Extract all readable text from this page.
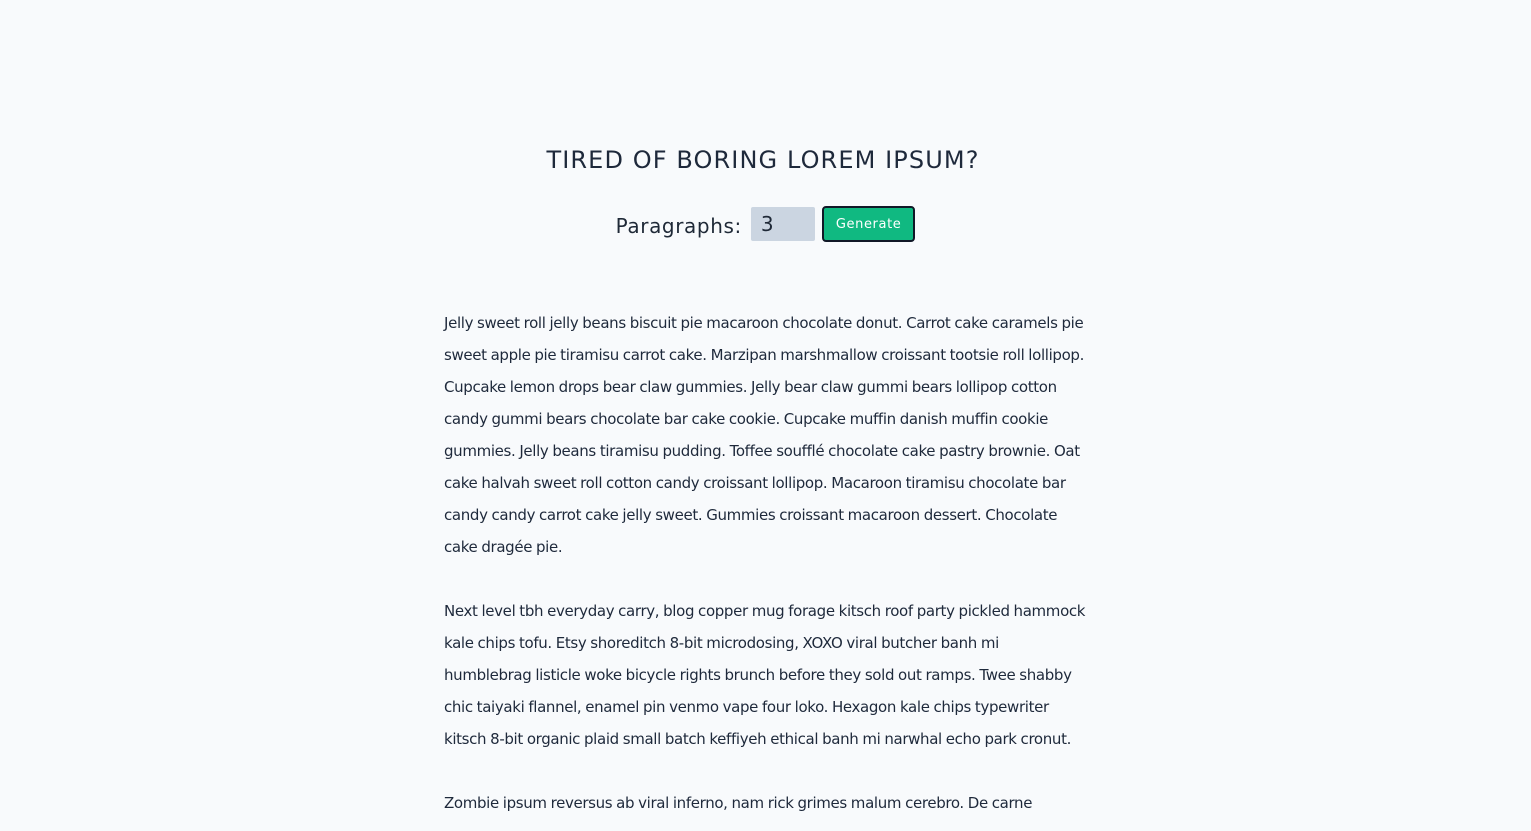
TIRED OF BORING LOREM IPSUM?
Paragraphs:
3	Generate

Jelly sweet roll jelly beans biscuit pie macaroon chocolate donut. Carrot cake caramels pie sweet apple pie tiramisu carrot cake. Marzipan marshmallow croissant tootsie roll lollipop. Cupcake lemon drops bear claw gummies. Jelly bear claw gummi bears lollipop cotton candy gummi bears chocolate bar cake cookie. Cupcake muffin danish muffin cookie gummies. Jelly beans tiramisu pudding. Toffee soufflé chocolate cake pastry brownie. Oat cake halvah sweet roll cotton candy croissant lollipop. Macaroon tiramisu chocolate bar candy candy carrot cake jelly sweet. Gummies croissant macaroon dessert. Chocolate cake dragée pie.

Next level tbh everyday carry, blog copper mug forage kitsch roof party pickled hammock kale chips tofu. Etsy shoreditch 8-bit microdosing, XOXO viral butcher banh mi humblebrag listicle woke bicycle rights brunch before they sold out ramps. Twee shabby chic taiyaki flannel, enamel pin venmo vape four loko. Hexagon kale chips typewriter kitsch 8-bit organic plaid small batch keffiyeh ethical banh mi narwhal echo park cronut.

Zombie ipsum reversus ab viral inferno, nam rick grimes malum cerebro. De carne
